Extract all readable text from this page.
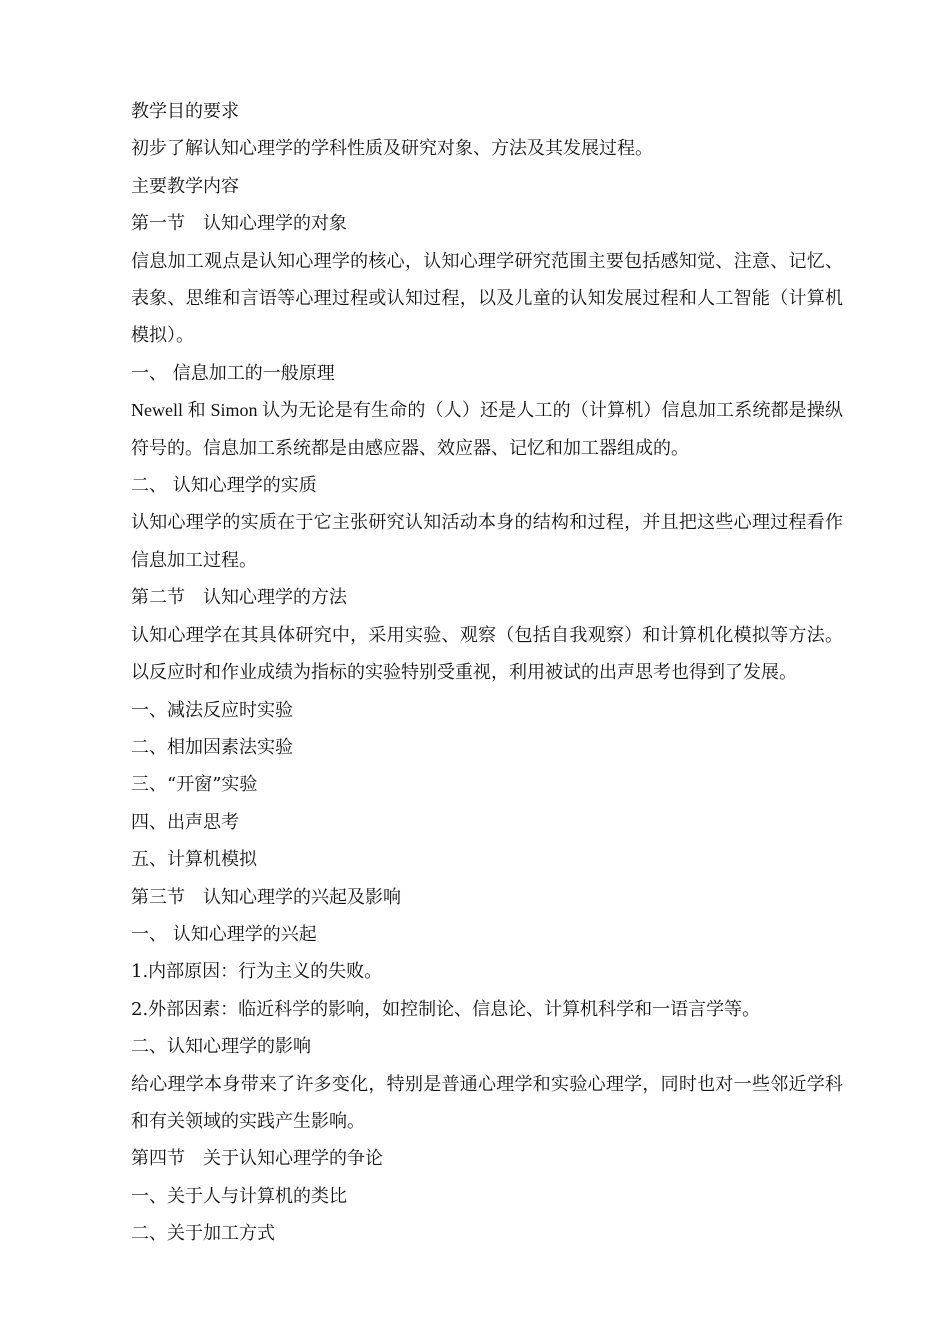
教学目的要求

初步了解认知心理学的学科性质及研究对象、方法及其发展过程。

主要教学内容

第一节　认知心理学的对象

信息加工观点是认知心理学的核心，认知心理学研究范围主要包括感知觉、注意、记忆、表象、思维和言语等心理过程或认知过程，以及儿童的认知发展过程和人工智能（计算机模拟）。

一、 信息加工的一般原理

Newell 和 Simon 认为无论是有生命的（人）还是人工的（计算机）信息加工系统都是操纵符号的。信息加工系统都是由感应器、效应器、记忆和加工器组成的。

二、 认知心理学的实质

认知心理学的实质在于它主张研究认知活动本身的结构和过程，并且把这些心理过程看作信息加工过程。

第二节　认知心理学的方法

认知心理学在其具体研究中，采用实验、观察（包括自我观察）和计算机化模拟等方法。以反应时和作业成绩为指标的实验特别受重视，利用被试的出声思考也得到了发展。

一、减法反应时实验

二、相加因素法实验

三、“开窗”实验

四、出声思考

五、计算机模拟

第三节　认知心理学的兴起及影响

一、 认知心理学的兴起

1.内部原因：行为主义的失败。

2.外部因素：临近科学的影响，如控制论、信息论、计算机科学和一语言学等。

二、认知心理学的影响

给心理学本身带来了许多变化，特别是普通心理学和实验心理学，同时也对一些邻近学科和有关领域的实践产生影响。

第四节　关于认知心理学的争论

一、关于人与计算机的类比

二、关于加工方式
